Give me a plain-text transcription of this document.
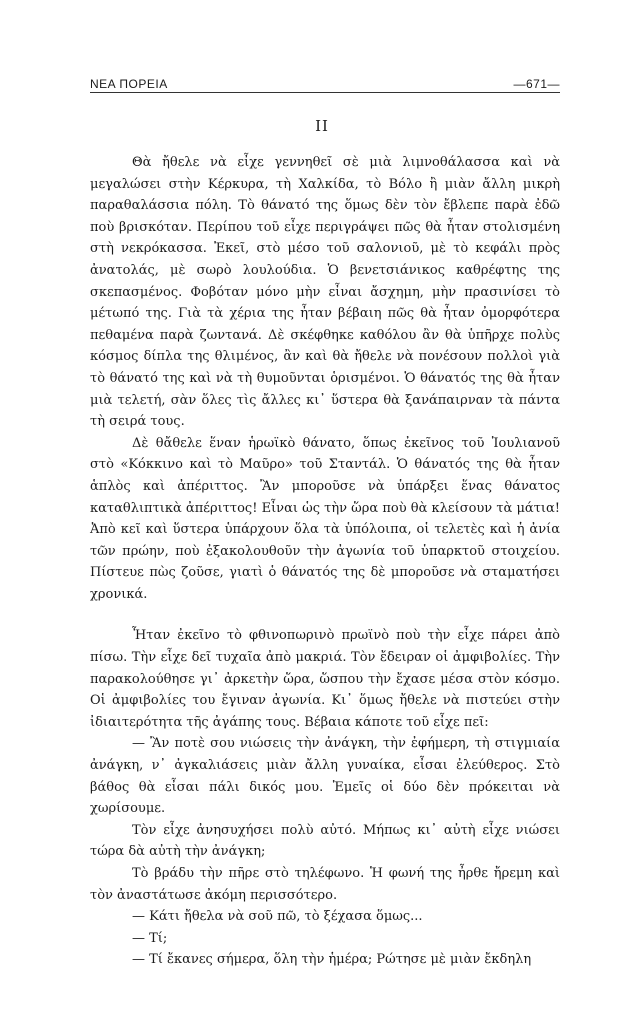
ΝΕΑ ΠΟΡΕΙΑ	—671—
II

Θὰ ἤθελε νὰ εἶχε γεννηθεῖ σὲ μιὰ λιμνοθάλασσα καὶ νὰ μεγαλώσει στὴν Κέρκυρα, τὴ Χαλκίδα, τὸ Βόλο ἢ μιὰν ἄλλη μικρὴ παραθαλάσσια πόλη. Τὸ θάνατό της ὅμως δὲν τὸν ἔβλεπε παρὰ ἐδῶ ποὺ βρισκόταν. Περίπου τοῦ εἶχε περιγράψει πῶς θὰ ἦταν στολισμένη στὴ νεκρόκασσα. Ἐκεῖ, στὸ μέσο τοῦ σαλονιοῦ, μὲ τὸ κεφάλι πρὸς ἀνατολάς, μὲ σωρὸ λουλούδια. Ὁ βενετσιάνικος καθρέφτης της σκεπασμένος. Φοβόταν μόνο μὴν εἶναι ἄσχημη, μὴν πρασινίσει τὸ μέτωπό της. Γιὰ τὰ χέρια της ἦταν βέβαιη πῶς θὰ ἦταν ὀμορφότερα πεθαμένα παρὰ ζωντανά. Δὲ σκέφθηκε καθόλου ἂν θὰ ὑπῆρχε πολὺς κόσμος δίπλα της θλιμένος, ἂν καὶ θὰ ἤθελε νὰ πονέσουν πολλοὶ γιὰ τὸ θάνατό της καὶ νὰ τὴ θυμοῦνται ὁρισμένοι. Ὁ θάνατός της θὰ ἦταν μιὰ τελετή, σὰν ὅλες τὶς ἄλλες κι᾽ ὕστερα θὰ ξανάπαιρναν τὰ πάντα τὴ σειρά τους.

Δὲ θἄθελε ἕναν ἡρωϊκὸ θάνατο, ὅπως ἐκεῖνος τοῦ Ἰουλιανοῦ στὸ «Κόκκινο καὶ τὸ Μαῦρο» τοῦ Σταντάλ. Ὁ θάνατός της θὰ ἦταν ἁπλὸς καὶ ἀπέριττος. Ἂν μποροῦσε νὰ ὑπάρξει ἕνας θάνατος καταθλιπτικὰ ἀπέριττος! Εἶναι ὡς τὴν ὥρα ποὺ θὰ κλείσουν τὰ μάτια! Ἀπὸ κεῖ καὶ ὕστερα ὑπάρχουν ὅλα τὰ ὑπόλοιπα, οἱ τελετὲς καὶ ἡ ἀνία τῶν πρώην, ποὺ ἐξακολουθοῦν τὴν ἀγωνία τοῦ ὑπαρκτοῦ στοιχείου. Πίστευε πὼς ζοῦσε, γιατὶ ὁ θάνατός της δὲ μποροῦσε νὰ σταματήσει χρονικά.

Ἦταν ἐκεῖνο τὸ φθινοπωρινὸ πρωϊνὸ ποὺ τὴν εἶχε πάρει ἀπὸ πίσω. Τὴν εἶχε δεῖ τυχαῖα ἀπὸ μακριά. Τὸν ἔδειραν οἱ ἀμφιβολίες. Τὴν παρακολούθησε γι᾽ ἀρκετὴν ὥρα, ὥσπου τὴν ἔχασε μέσα στὸν κόσμο. Οἱ ἀμφιβολίες του ἔγιναν ἀγωνία. Κι᾽ ὅμως ἤθελε νὰ πιστεύει στὴν ἰδιαιτερότητα τῆς ἀγάπης τους. Βέβαια κάποτε τοῦ εἶχε πεῖ:

— Ἂν ποτὲ σου νιώσεις τὴν ἀνάγκη, τὴν ἐφήμερη, τὴ στιγμιαία ἀνάγκη, ν᾽ ἀγκαλιάσεις μιὰν ἄλλη γυναίκα, εἶσαι ἐλεύθερος. Στὸ βάθος θὰ εἶσαι πάλι δικός μου. Ἐμεῖς οἱ δύο δὲν πρόκειται νὰ χωρίσουμε.

Τὸν εἶχε ἀνησυχήσει πολὺ αὐτό. Μήπως κι᾽ αὐτὴ εἶχε νιώσει τώρα δὰ αὐτὴ τὴν ἀνάγκη;

Τὸ βράδυ τὴν πῆρε στὸ τηλέφωνο. Ἡ φωνή της ἦρθε ἤρεμη καὶ τὸν ἀναστάτωσε ἀκόμη περισσότερο.

— Κάτι ἤθελα νὰ σοῦ πῶ, τὸ ξέχασα ὅμως...

— Τί;

— Τί ἔκανες σήμερα, ὅλη τὴν ἡμέρα; Ρώτησε μὲ μιὰν ἔκδηλη
